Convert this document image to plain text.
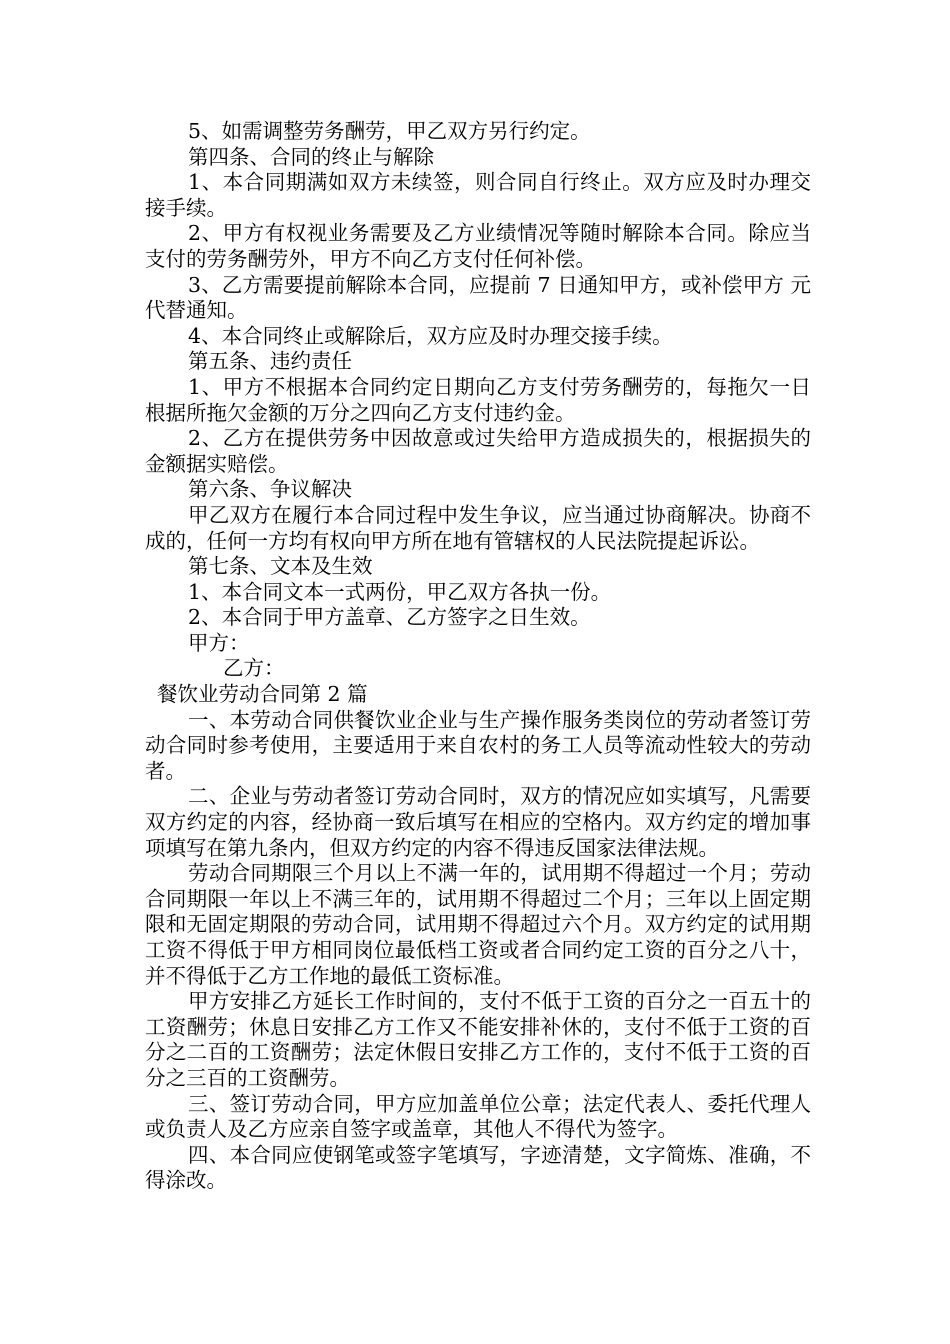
5、如需调整劳务酬劳，甲乙双方另行约定。

第四条、合同的终止与解除

1、本合同期满如双方未续签，则合同自行终止。双方应及时办理交接手续。

2、甲方有权视业务需要及乙方业绩情况等随时解除本合同。除应当支付的劳务酬劳外，甲方不向乙方支付任何补偿。

3、乙方需要提前解除本合同，应提前 7 日通知甲方，或补偿甲方 元代替通知。

4、本合同终止或解除后，双方应及时办理交接手续。

第五条、违约责任

1、甲方不根据本合同约定日期向乙方支付劳务酬劳的，每拖欠一日根据所拖欠金额的万分之四向乙方支付违约金。

2、乙方在提供劳务中因故意或过失给甲方造成损失的，根据损失的金额据实赔偿。

第六条、争议解决

甲乙双方在履行本合同过程中发生争议，应当通过协商解决。协商不成的，任何一方均有权向甲方所在地有管辖权的人民法院提起诉讼。

第七条、文本及生效

1、本合同文本一式两份，甲乙双方各执一份。

2、本合同于甲方盖章、乙方签字之日生效。

甲方：

乙方：

餐饮业劳动合同第 2 篇

一、本劳动合同供餐饮业企业与生产操作服务类岗位的劳动者签订劳动合同时参考使用，主要适用于来自农村的务工人员等流动性较大的劳动者。

二、企业与劳动者签订劳动合同时，双方的情况应如实填写，凡需要双方约定的内容，经协商一致后填写在相应的空格内。双方约定的增加事项填写在第九条内，但双方约定的内容不得违反国家法律法规。

劳动合同期限三个月以上不满一年的，试用期不得超过一个月；劳动合同期限一年以上不满三年的，试用期不得超过二个月；三年以上固定期限和无固定期限的劳动合同，试用期不得超过六个月。双方约定的试用期工资不得低于甲方相同岗位最低档工资或者合同约定工资的百分之八十，并不得低于乙方工作地的最低工资标准。

甲方安排乙方延长工作时间的，支付不低于工资的百分之一百五十的工资酬劳；休息日安排乙方工作又不能安排补休的，支付不低于工资的百分之二百的工资酬劳；法定休假日安排乙方工作的，支付不低于工资的百分之三百的工资酬劳。

三、签订劳动合同，甲方应加盖单位公章；法定代表人、委托代理人或负责人及乙方应亲自签字或盖章，其他人不得代为签字。

四、本合同应使钢笔或签字笔填写，字迹清楚，文字简炼、准确，不得涂改。
